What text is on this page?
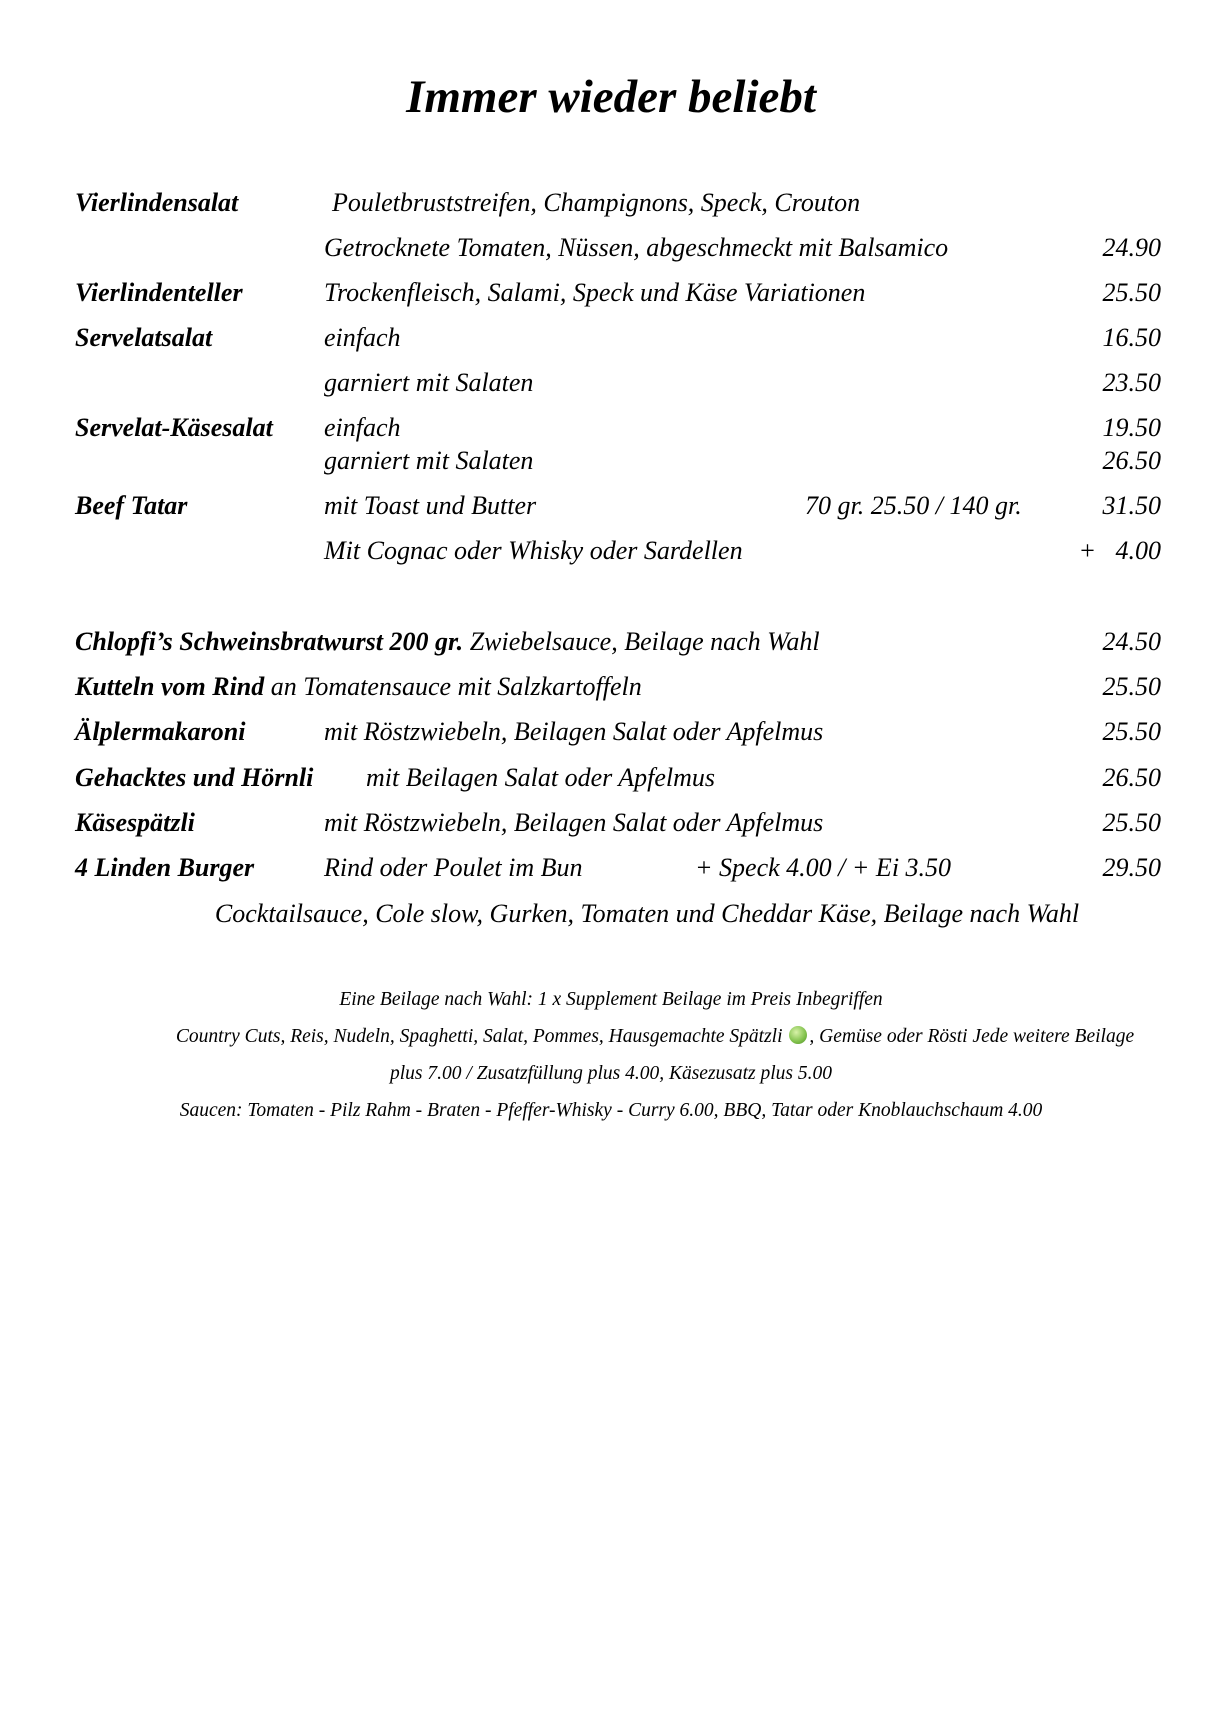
Immer wieder beliebt
Vierlindensalat	Pouletbruststreifen, Champignons, Speck, Crouton
Getrocknete Tomaten, Nüssen, abgeschmeckt mit Balsamico	24.90
Vierlindenteller	Trockenfleisch, Salami, Speck und Käse Variationen	25.50
Servelatsalat	einfach	16.50
garniert mit Salaten	23.50
Servelat-Käsesalat einfach	19.50
garniert mit Salaten	26.50
Beef Tatar	mit Toast und Butter	70 gr. 25.50 / 140 gr.	31.50
Mit Cognac oder Whisky oder Sardellen	+   4.00
Chlopfi’s Schweinsbratwurst 200 gr. Zwiebelsauce, Beilage nach Wahl	24.50
Kutteln vom Rind an Tomatensauce mit Salzkartoffeln	25.50
Älplermakaroni	mit Röstzwiebeln, Beilagen Salat oder Apfelmus	25.50
Gehacktes und Hörnli mit Beilagen Salat oder Apfelmus	26.50
Käsespätzli	mit Röstzwiebeln, Beilagen Salat oder Apfelmus	25.50
4 Linden Burger	Rind oder Poulet im Bun	+ Speck 4.00 / + Ei 3.50	29.50
Cocktailsauce, Cole slow, Gurken, Tomaten und Cheddar Käse, Beilage nach Wahl
Eine Beilage nach Wahl: 1 x Supplement Beilage im Preis Inbegriffen
Country Cuts, Reis, Nudeln, Spaghetti, Salat, Pommes, Hausgemachte Spätzli , Gemüse oder Rösti Jede weitere Beilage
plus 7.00 / Zusatzfüllung plus 4.00, Käsezusatz plus 5.00
Saucen: Tomaten - Pilz Rahm - Braten - Pfeffer-Whisky - Curry 6.00, BBQ, Tatar oder Knoblauchschaum 4.00
